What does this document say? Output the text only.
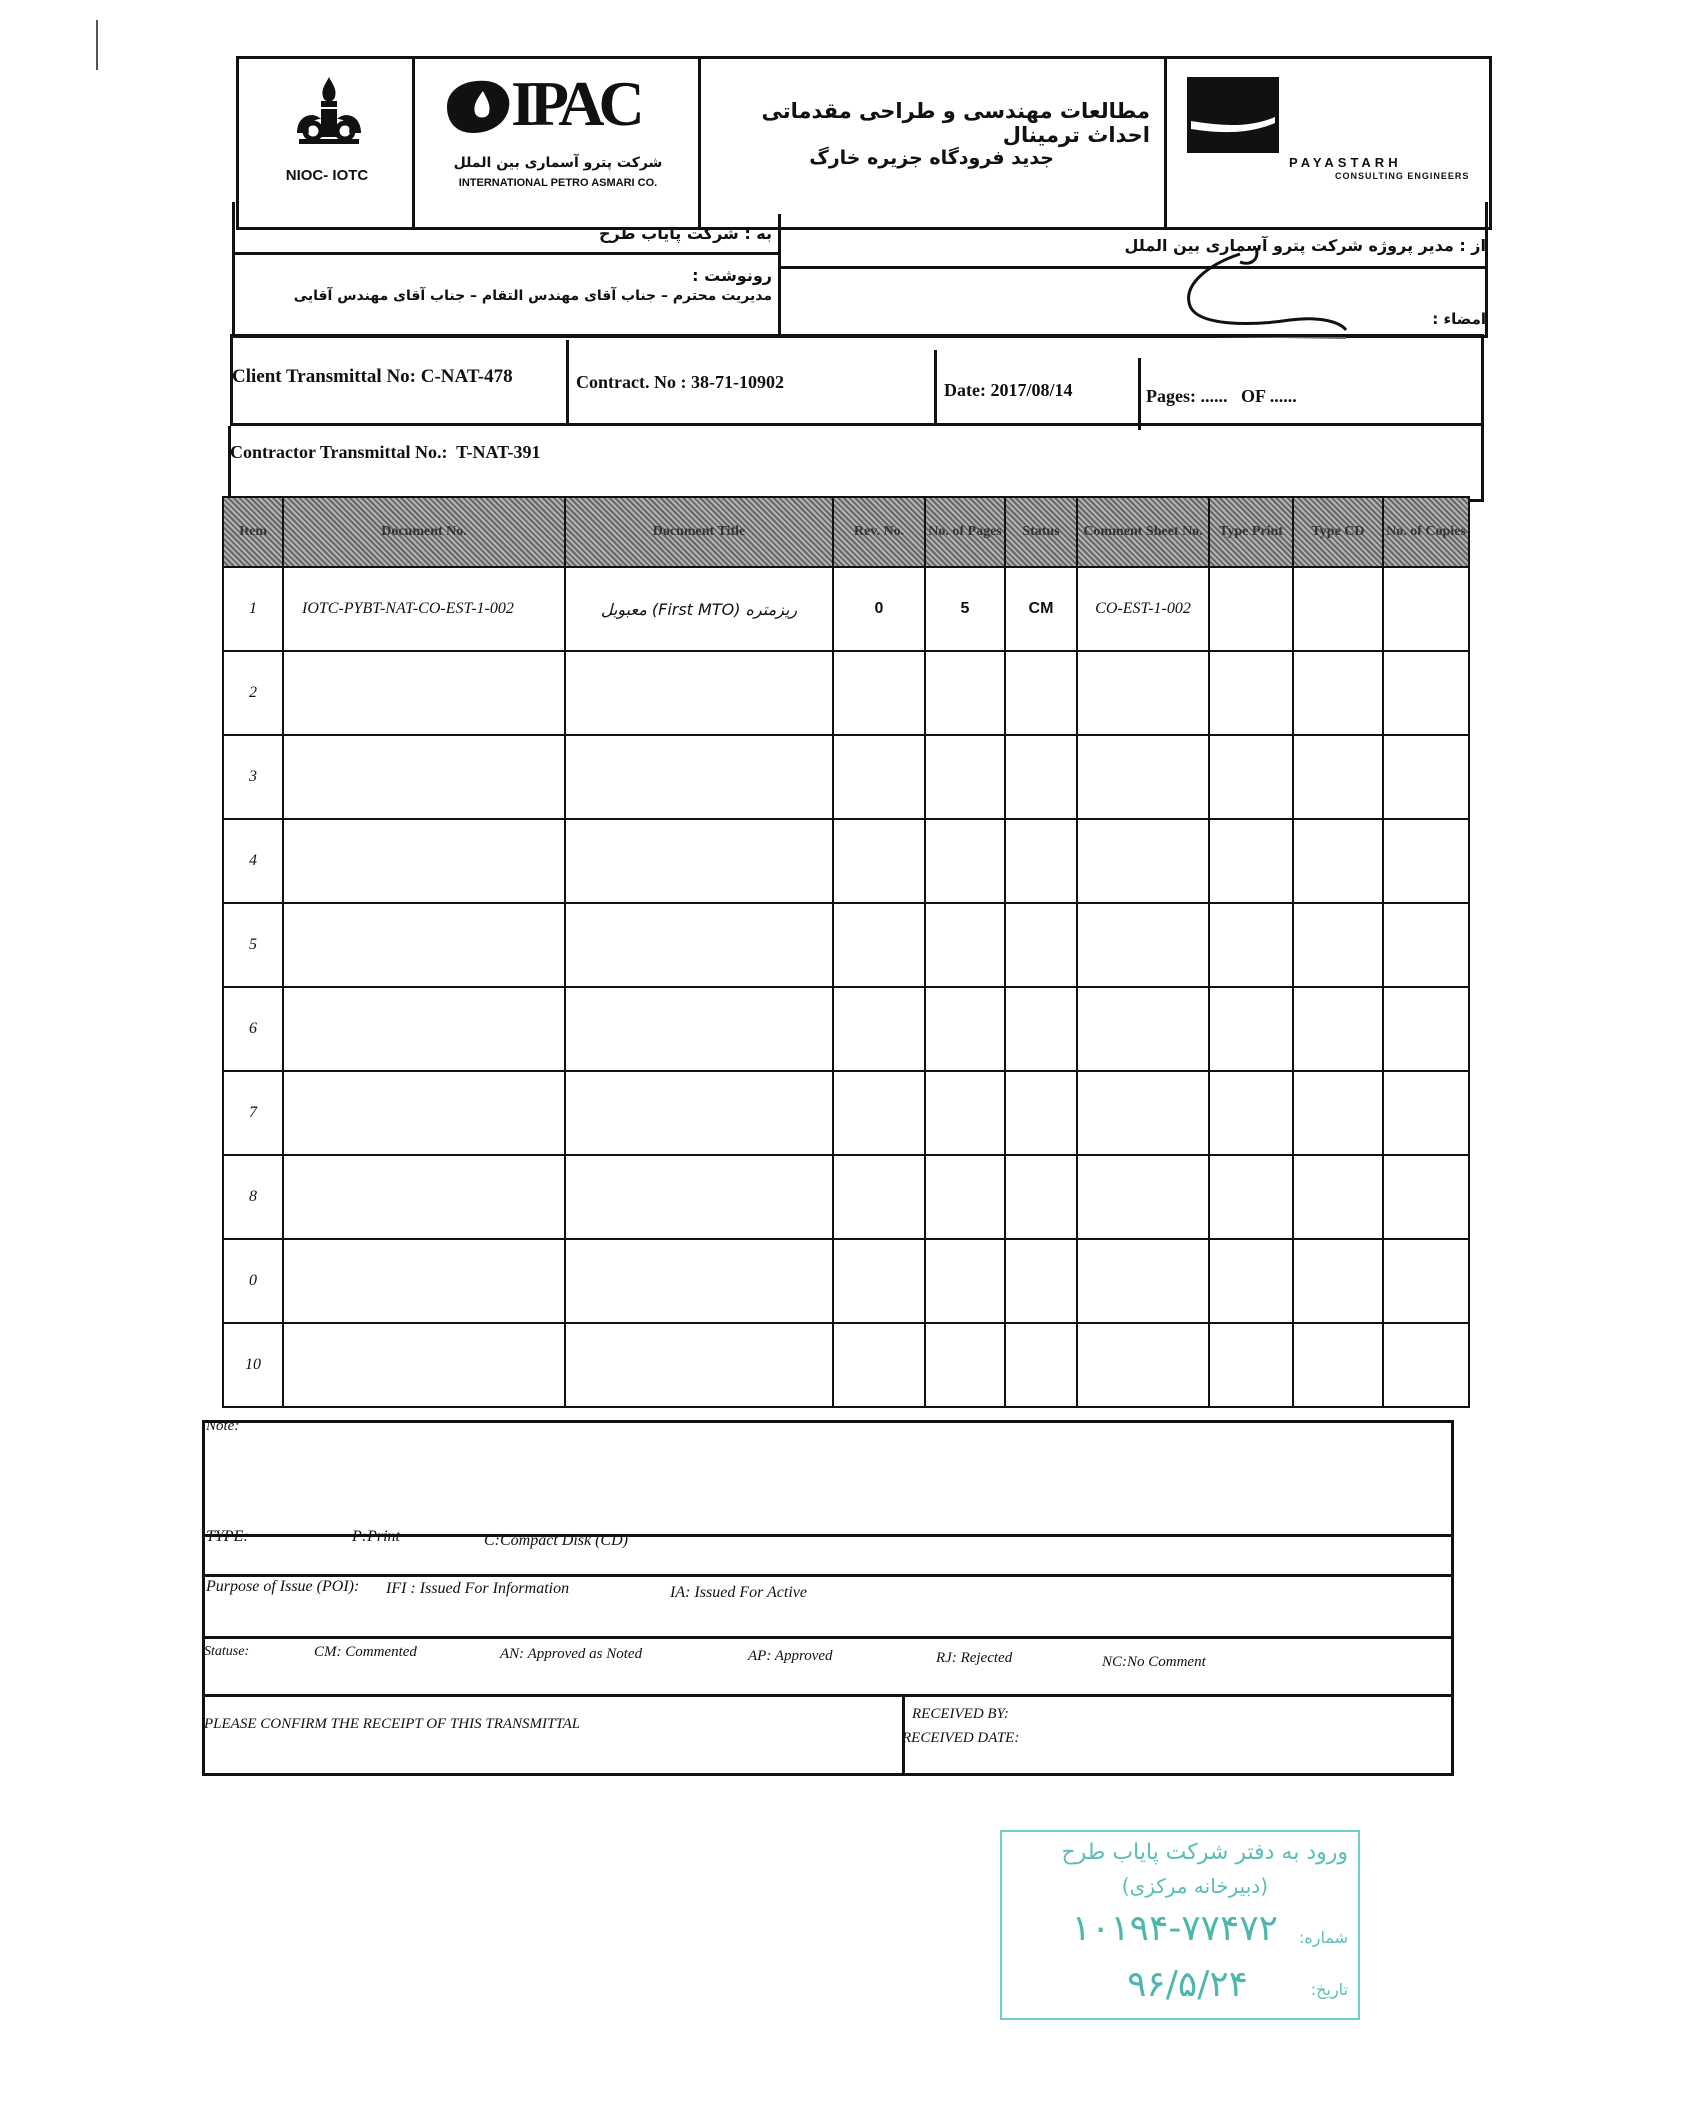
NIOC- IOTC
IPAC
شرکت پترو آسماری بین الملل
INTERNATIONAL PETRO ASMARI CO.
مطالعات مهندسی و طراحی مقدماتی احداث ترمینال
جدید فرودگاه جزیره خارگ	PAYASTARH
CONSULTING ENGINEERS
به : شرکت پایاب طرح
رونوشت :
مدیریت محترم – جناب آقای مهندس التقام – جناب آقای مهندس آقایی
از : مدیر پروژه شرکت پترو آسماری بین الملل
امضاء :
Client Transmittal No: C-NAT-478	Contract. No : 38-71-10902	Date: 2017/08/14	Pages: ......   OF ......
Contractor Transmittal No.:  T-NAT-391
Item	Document No.	Document Title	Rev. No.	No. of Pages	Status	Comment Sheet No.	Type Print	Type CD	No. of Copies
1	IOTC-PYBT-NAT-CO-EST-1-002	ریزمتره (First MTO) معبوبل	0	5	CM	CO-EST-1-002			
2									
3									
4									
5									
6									
7									
8									
0									
10									
Note:
TYPE:	P:Print	C:Compact Disk (CD)
Purpose of Issue (POI): IFI : Issued For Information	IA: Issued For Active
Statuse:	CM: Commented	AN: Approved as Noted	AP: Approved	RJ: Rejected	NC:No Comment
PLEASE CONFIRM THE RECEIPT OF THIS TRANSMITTAL
RECEIVED BY:
RECEIVED DATE:
ورود به دفتر شرکت پایاب طرح
(دبیرخانه مرکزی)
شماره:
۱۰۱۹۴-۷۷۴۷۲
تاریخ:
۹۶/۵/۲۴
